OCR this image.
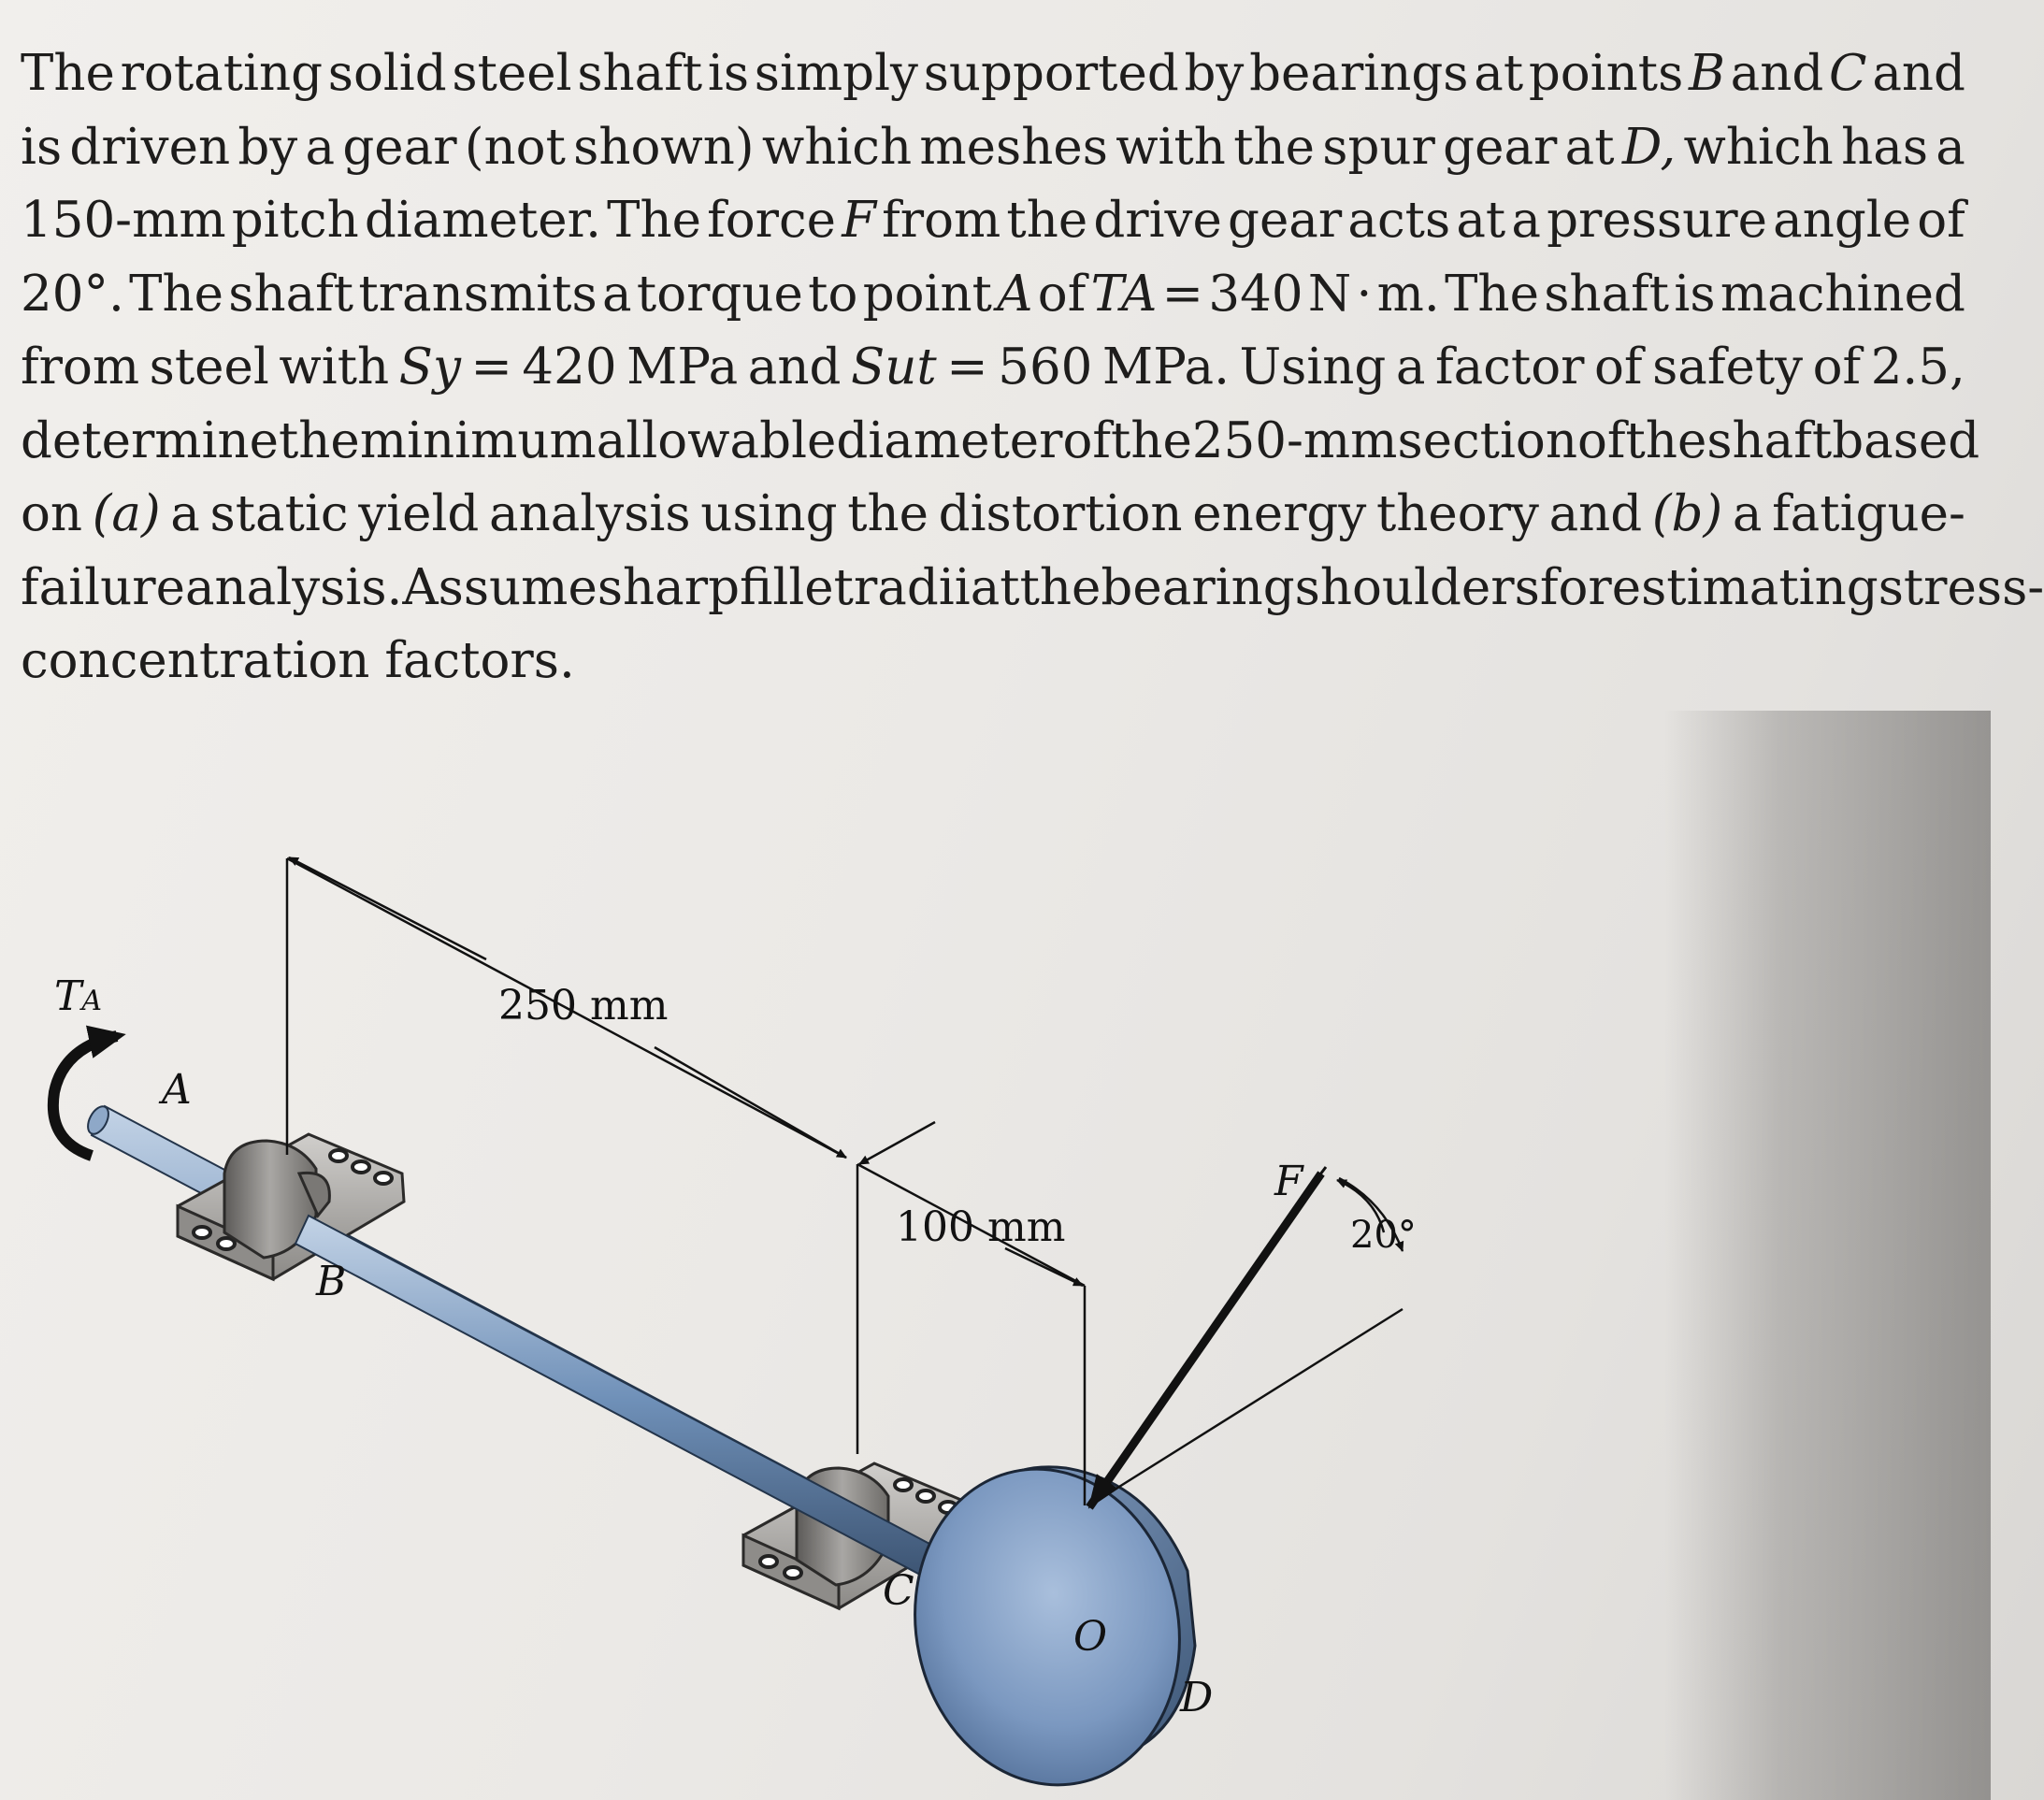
The rotating solid steel shaft is simply supported by bearings at points B and C and
is driven by a gear (not shown) which meshes with the spur gear at D, which has a
150-mm pitch diameter. The force F from the drive gear acts at a pressure angle of
20°. The shaft transmits a torque to point A of TA = 340 N · m. The shaft is machined
from steel with Sy = 420 MPa and Sut = 560 MPa. Using a factor of safety of 2.5,
determine the minimum allowable diameter of the 250-mm section of the shaft based
on (a) a static yield analysis using the distortion energy theory and (b) a fatigue-
failure analysis. Assume sharp fillet radii at the bearing shoulders for estimating stress-
concentration factors.
TA
A
B
C
D
O
F
250 mm
100 mm	20°
